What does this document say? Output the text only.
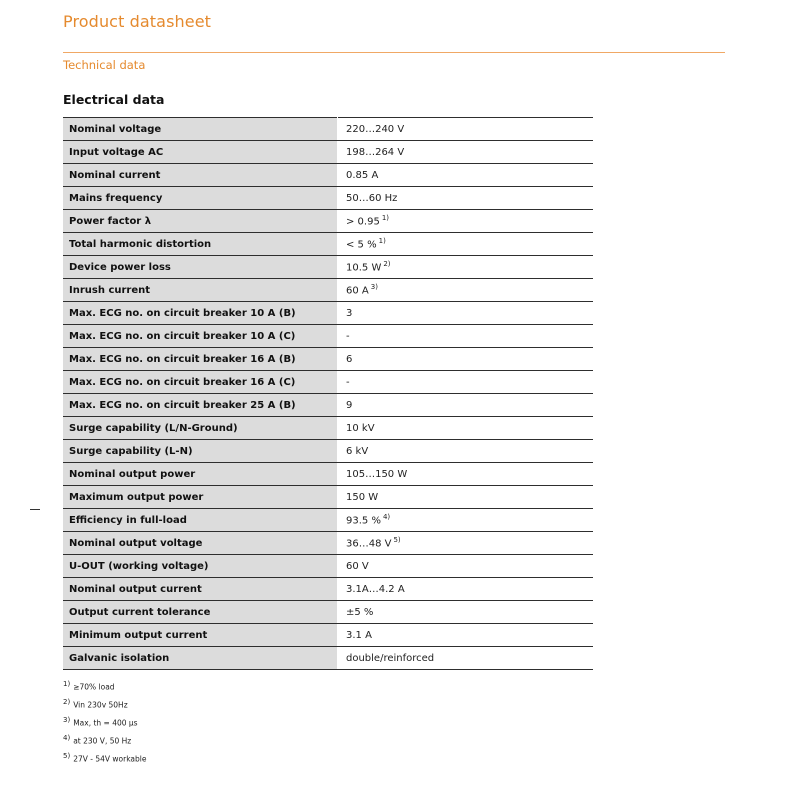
Product datasheet
Technical data
Electrical data
Nominal voltage	220…240 V
Input voltage AC	198…264 V
Nominal current	0.85 A
Mains frequency	50…60 Hz
Power factor λ	> 0.95 $^{1)}$
Total harmonic distortion	< 5 % $^{1)}$
Device power loss	10.5 W $^{2)}$
Inrush current	60 A $^{3)}$
Max. ECG no. on circuit breaker 10 A (B)	3
Max. ECG no. on circuit breaker 10 A (C)	-
Max. ECG no. on circuit breaker 16 A (B)	6
Max. ECG no. on circuit breaker 16 A (C)	-
Max. ECG no. on circuit breaker 25 A (B)	9
Surge capability (L/N-Ground)	10 kV
Surge capability (L-N)	6 kV
Nominal output power	105…150 W
Maximum output power	150 W
Efficiency in full-load	93.5 % $^{4)}$
Nominal output voltage	36…48 V $^{5)}$
U-OUT (working voltage)	60 V
Nominal output current	3.1A…4.2 A
Output current tolerance	±5 %
Minimum output current	3.1 A
Galvanic isolation	double/reinforced
$^{1)}$ ≥70% load
$^{2)}$ Vin 230v 50Hz
$^{3)}$ Max, th = 400 µs
$^{4)}$ at 230 V, 50 Hz
$^{5)}$ 27V - 54V workable
